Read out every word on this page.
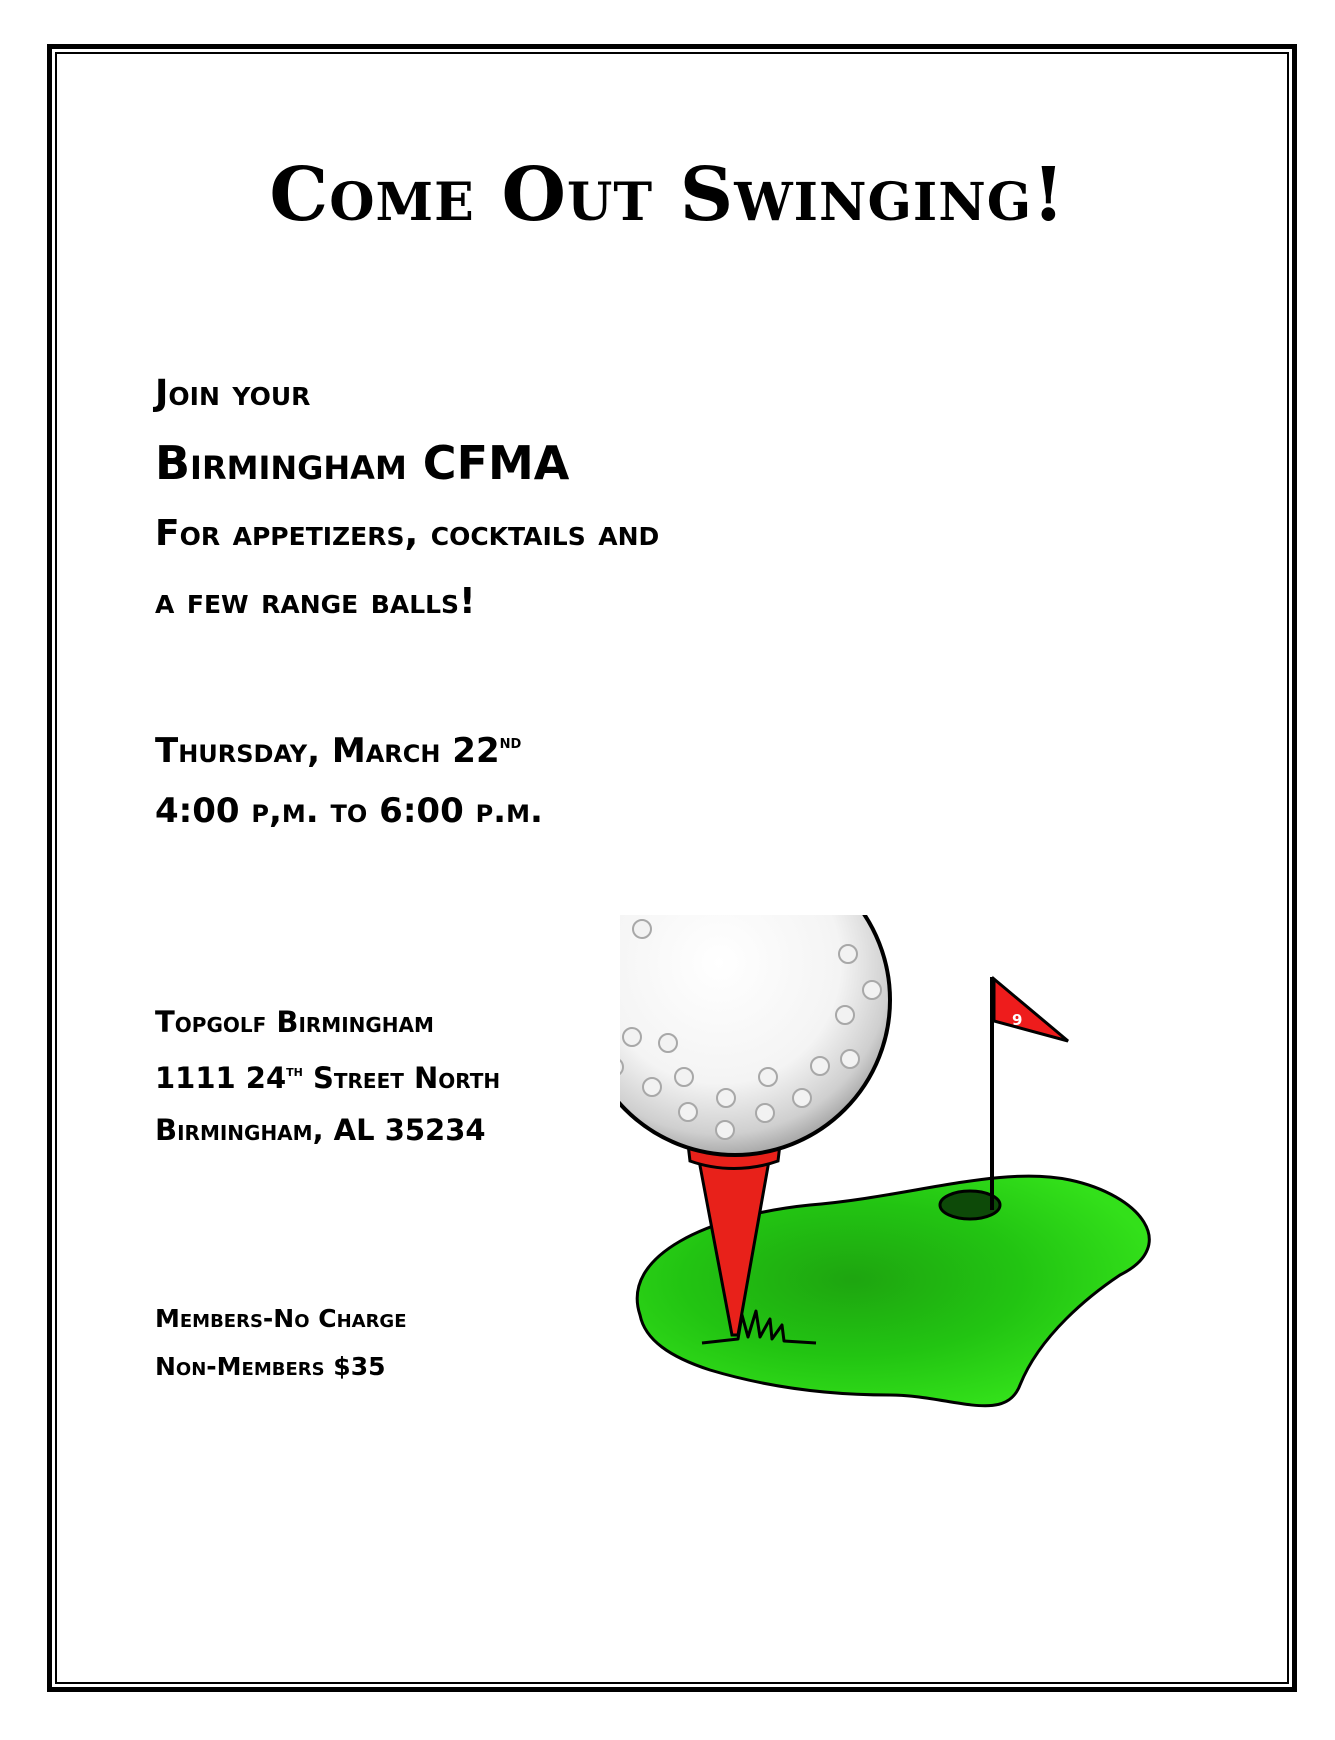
Come Out Swinging!

Join your

Birmingham CFMA

For appetizers, cocktails and

a few range balls!

Thursday, March 22nd

4:00 p,m. to 6:00 p.m.

Topgolf Birmingham

1111 24th Street North

Birmingham, AL 35234

Members-No Charge

Non-Members $35

9
